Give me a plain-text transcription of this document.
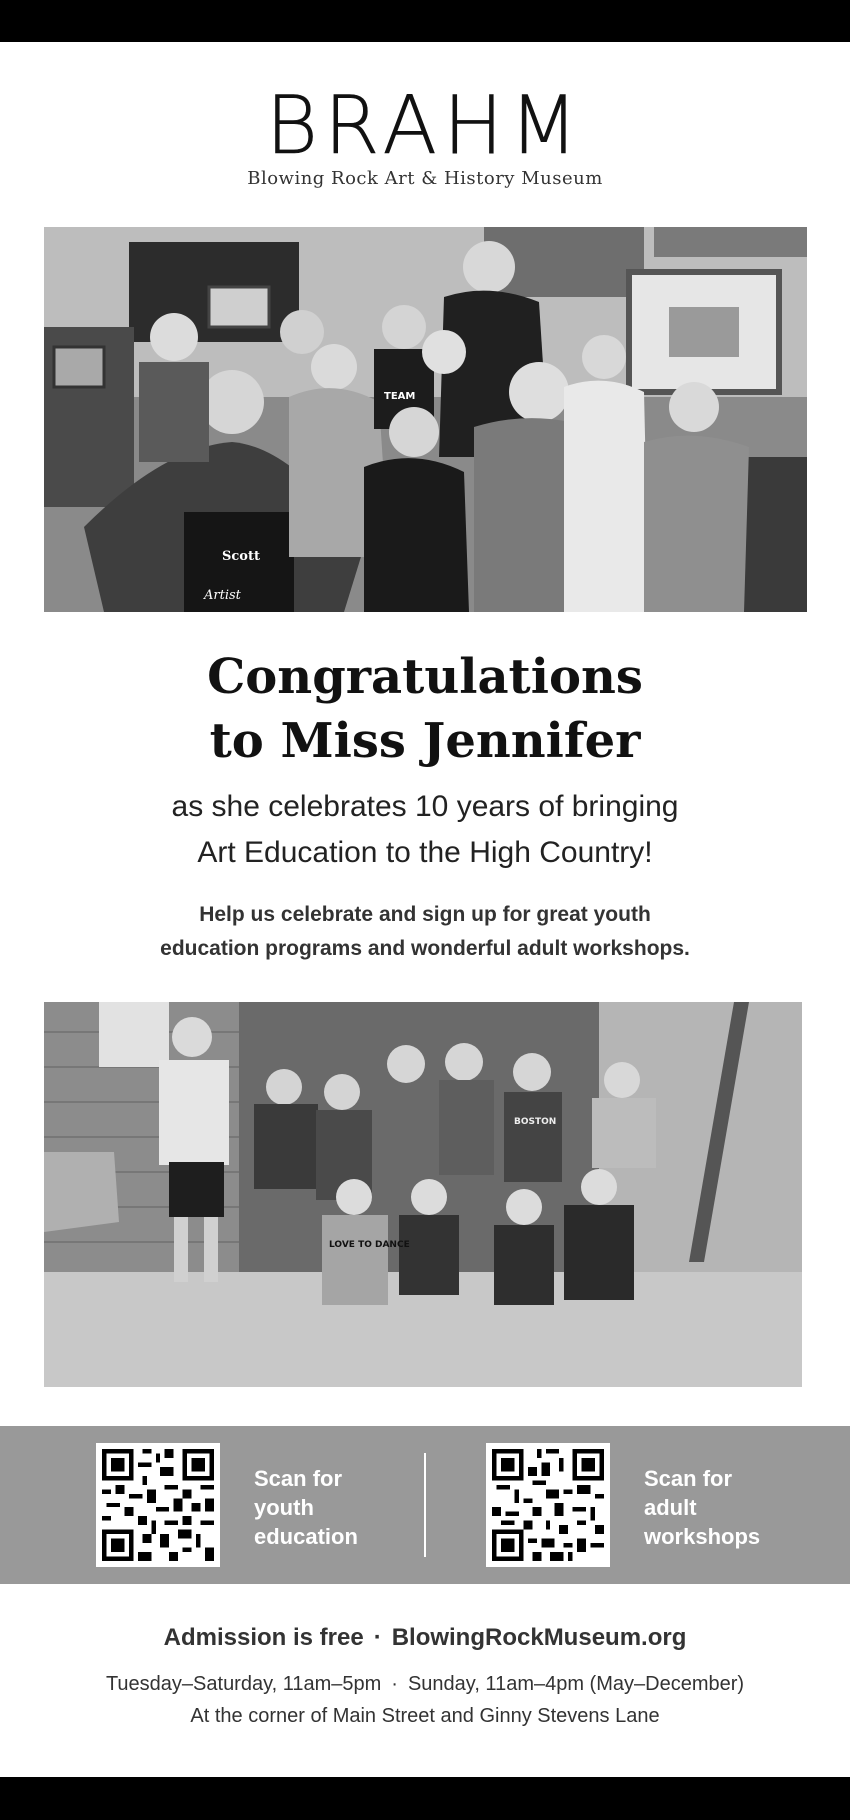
BRAHM
Blowing Rock Art & History Museum
Scott
Artist
TEAM
Congratulations
to Miss Jennifer
as she celebrates 10 years of bringing
Art Education to the High Country!
Help us celebrate and sign up for great youth
education programs and wonderful adult workshops.
LOVE TO DANCE
BOSTON
Scan for
youth
education
Scan for
adult
workshops
Admission is free · BlowingRockMuseum.org
Tuesday–Saturday, 11am–5pm · Sunday, 11am–4pm (May–December)
At the corner of Main Street and Ginny Stevens Lane
